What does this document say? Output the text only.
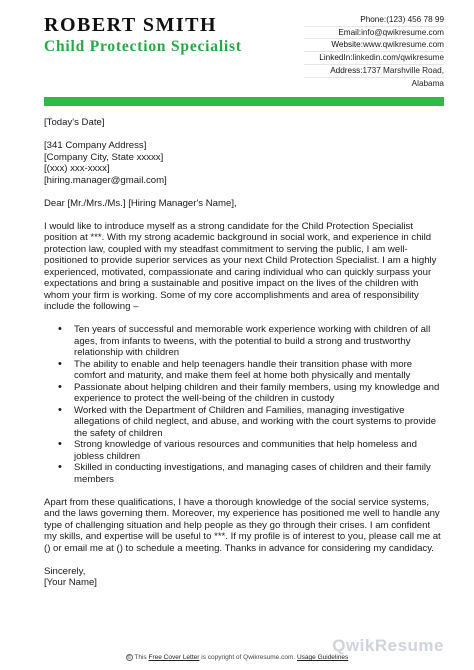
ROBERT SMITH
Child Protection Specialist
Phone:(123) 456 78 99
Email:info@qwikresume.com
Website:www.qwikresume.com
LinkedIn:linkedin.com/qwikresume
Address:1737 Marshville Road,
Alabama

[Today's Date]

[341 Company Address]
[Company City, State xxxxx]
[(xxx) xxx-xxxx]
[hiring.manager@gmail.com]

Dear [Mr./Mrs./Ms.] [Hiring Manager's Name],

I would like to introduce myself as a strong candidate for the Child Protection Specialist position at ***. With my strong academic background in social work, and experience in child protection law, coupled with my steadfast commitment to serving the public, I am well-positioned to provide superior services as your next Child Protection Specialist. I am a highly experienced, motivated, compassionate and caring individual who can quickly surpass your expectations and bring a sustainable and positive impact on the lives of the children with whom your firm is working. Some of my core accomplishments and area of responsibility include the following –

• Ten years of successful and memorable work experience working with children of all ages, from infants to tweens, with the potential to build a strong and trustworthy relationship with children
• The ability to enable and help teenagers handle their transition phase with more comfort and maturity, and make them feel at home both physically and mentally
• Passionate about helping children and their family members, using my knowledge and experience to protect the well-being of the children in custody
• Worked with the Department of Children and Families, managing investigative allegations of child neglect, and abuse, and working with the court systems to provide the safety of children
• Strong knowledge of various resources and communities that help homeless and jobless children
• Skilled in conducting investigations, and managing cases of children and their family members

Apart from these qualifications, I have a thorough knowledge of the social service systems, and the laws governing them. Moreover, my experience has positioned me well to handle any type of challenging situation and help people as they go through their crises. I am confident my skills, and expertise will be useful to ***. If my profile is of interest to you, please call me at () or email me at () to schedule a meeting. Thanks in advance for considering my candidacy.

Sincerely,
[Your Name]

QwikResume
© This Free Cover Letter is copyright of Qwikresume.com. Usage Guidelines
